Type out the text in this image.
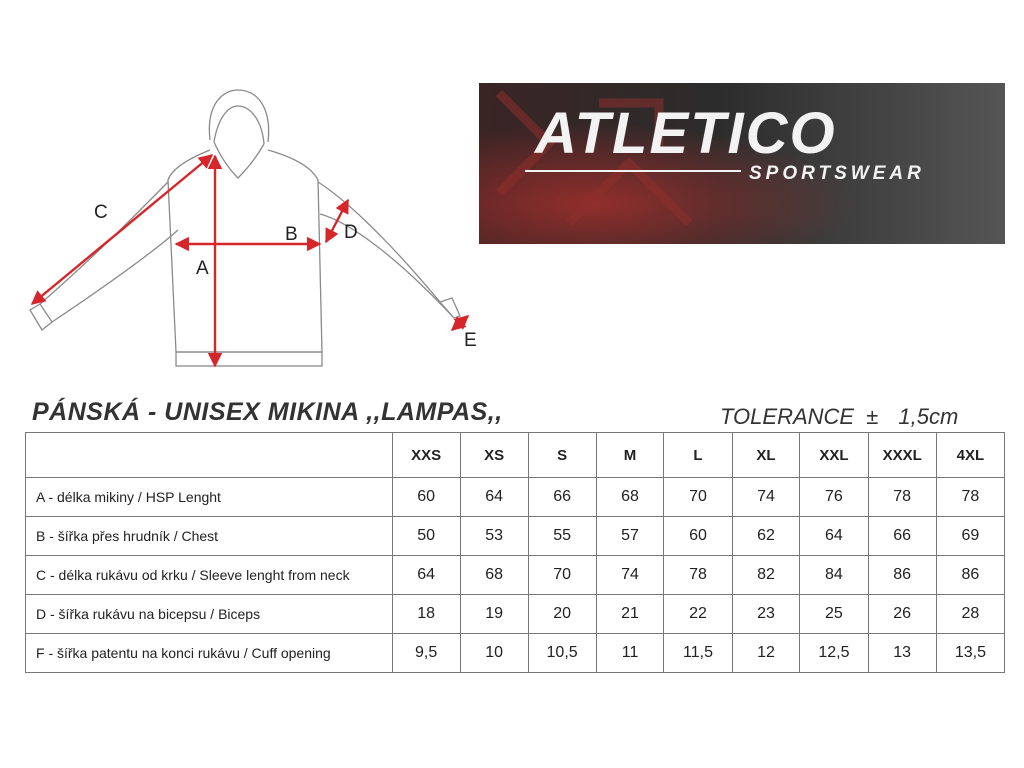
A
B
C
D
E
ATLETICO
SPORTSWEAR
PÁNSKÁ - UNISEX MIKINA ,,LAMPAS,,	TOLERANCE ± 1,5cm
	XXS	XS	S	M	L	XL	XXL	XXXL	4XL
A - délka mikiny / HSP Lenght	60	64	66	68	70	74	76	78	78
B - šířka přes hrudník / Chest	50	53	55	57	60	62	64	66	69
C - délka rukávu od krku / Sleeve lenght from neck	64	68	70	74	78	82	84	86	86
D - šířka rukávu na bicepsu / Biceps	18	19	20	21	22	23	25	26	28
F - šířka patentu na konci rukávu / Cuff opening	9,5	10	10,5	11	11,5	12	12,5	13	13,5
